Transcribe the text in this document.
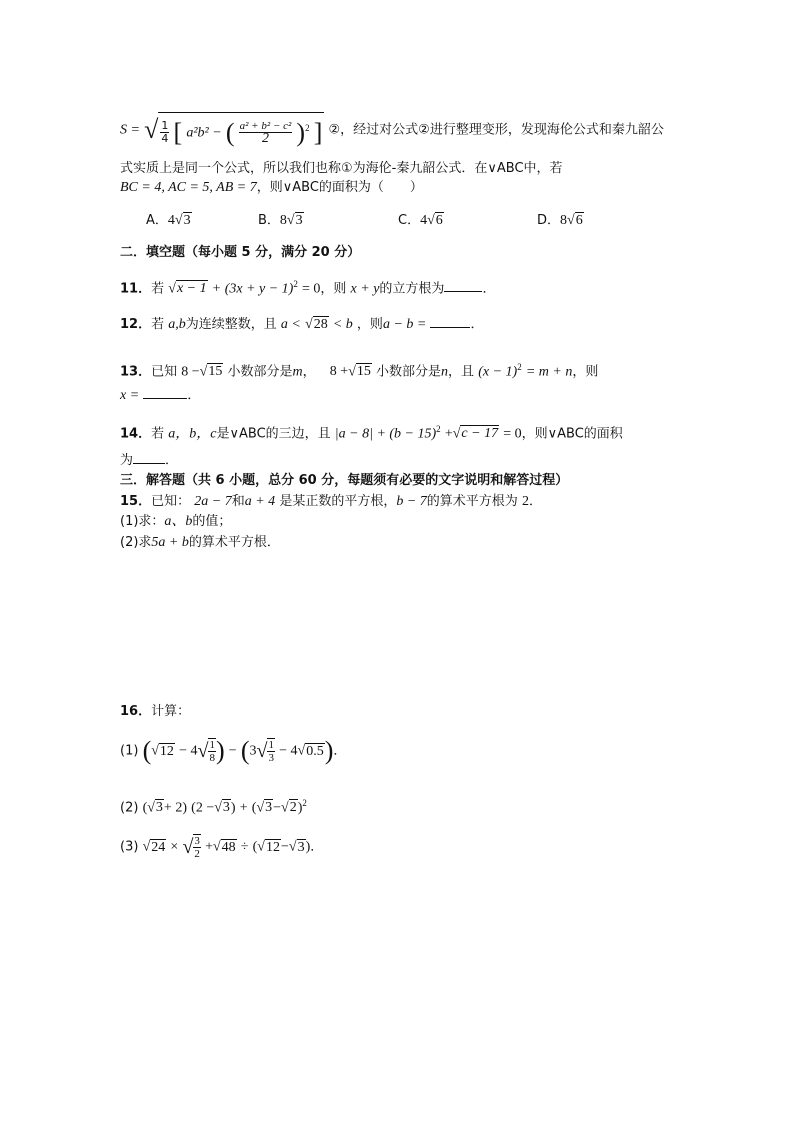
S = √ $\frac{1}{4}$ [ a²b² − ( $\frac{\text{a² + b² − c²}}{2} )^2$ ] ②，经过对公式②进行整理变形，发现海伦公式和秦九韶公
式实质上是同一个公式，所以我们也称①为海伦-秦九韶公式．在∨ABC中，若
BC = 4, AC = 5, AB = 7，则∨ABC的面积为（　　）
A．4√3	B．8√3	C．4√6	D．8√6
二．填空题（每小题 5 分，满分 20 分）
11．若 $√x - 1 + (3x + y - 1)^2 = 0$，则 x + y的立方根为	．
12．若 a,b为连续整数，且 a < √28 < b ，则a − b =	．
13．已知 8 −√15 小数部分是m， 8 +√15 小数部分是n，且 $(x - 1)^2 = m + n$，则
x =	．
14．若 a，b，c是∨ABC的三边，且 $|a - 8| + (b - 15)^2 +√c - 17 = 0$，则∨ABC的面积
为 ．
三．解答题（共 6 小题，总分 60 分，每题须有必要的文字说明和解答过程）
15．已知： 2a − 7和a + 4 是某正数的平方根，b − 7的算术平方根为 2．
(1)求：a、b的值；
(2)求5a + b的算术平方根．
16．计算：
(1) ($√12 - 4√ \frac{1}{8}$ ) − $(3√ \frac{1}{3} - 4√0.5)$．
(2) (√3+ 2) $(2 -√3) + (√3-√2)^2$
(3) √24 × √ $\frac{3}{2} +√48 \div (√12-√3)$．
